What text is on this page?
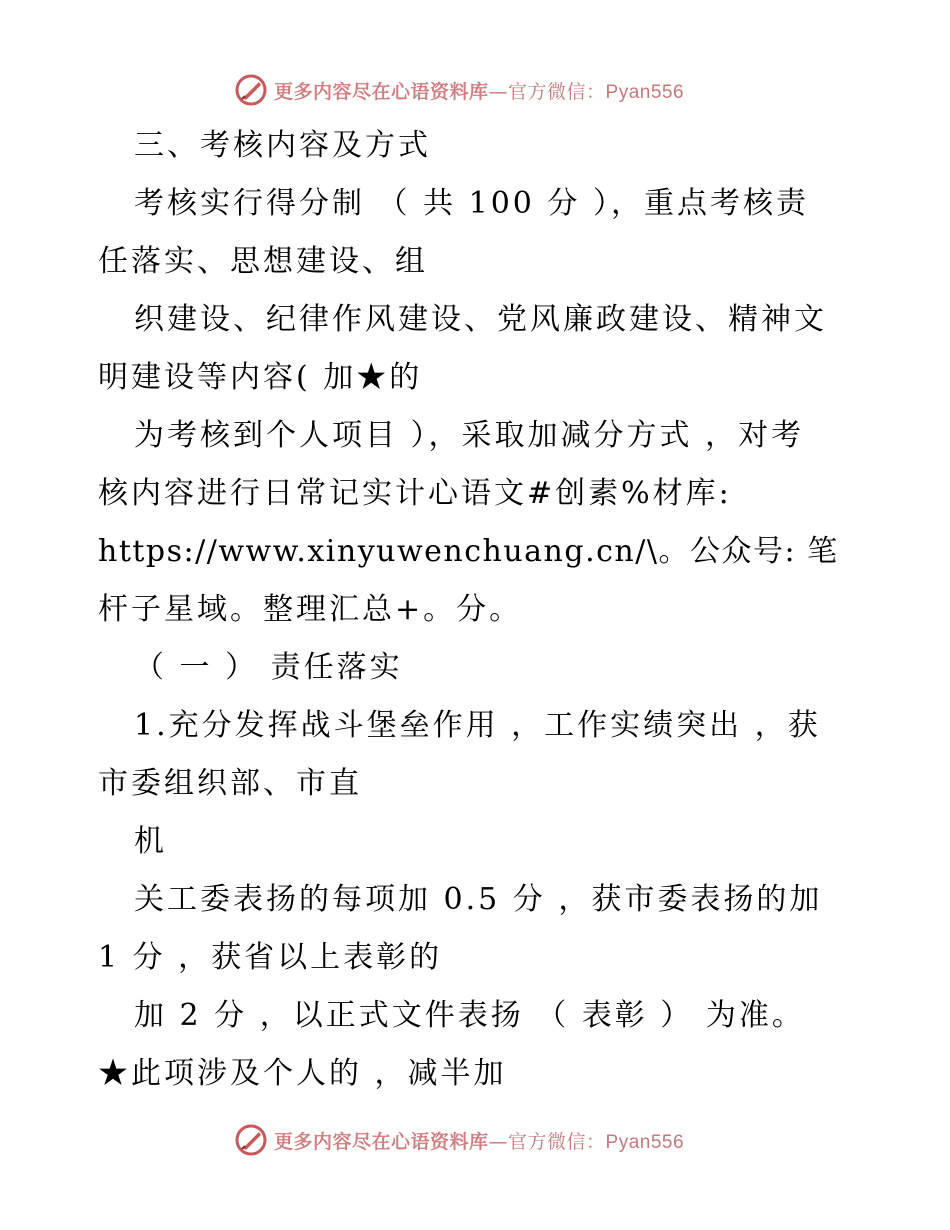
更多内容尽在心语资料库—官方微信：Pyan556
三、考核内容及方式
考核实行得分制 （ 共 100 分 ），重点考核责
任落实、思想建设、组
织建设、纪律作风建设、党风廉政建设、精神文
明建设等内容( 加★的
为考核到个人项目 ），采取加减分方式 ，对考
核内容进行日常记实计心语文#创素%材库:
https://www.xinyuwenchuang.cn/\。公众号: 笔
杆子星域。整理汇总+。分。
（ 一 ） 责任落实
1.充分发挥战斗堡垒作用 ，工作实绩突出 ，获
市委组织部、市直
机
关工委表扬的每项加 0.5 分 ，获市委表扬的加
1 分 ，获省以上表彰的
加 2 分 ，以正式文件表扬 （ 表彰 ） 为准。
★此项涉及个人的 ，减半加
更多内容尽在心语资料库—官方微信：Pyan556
